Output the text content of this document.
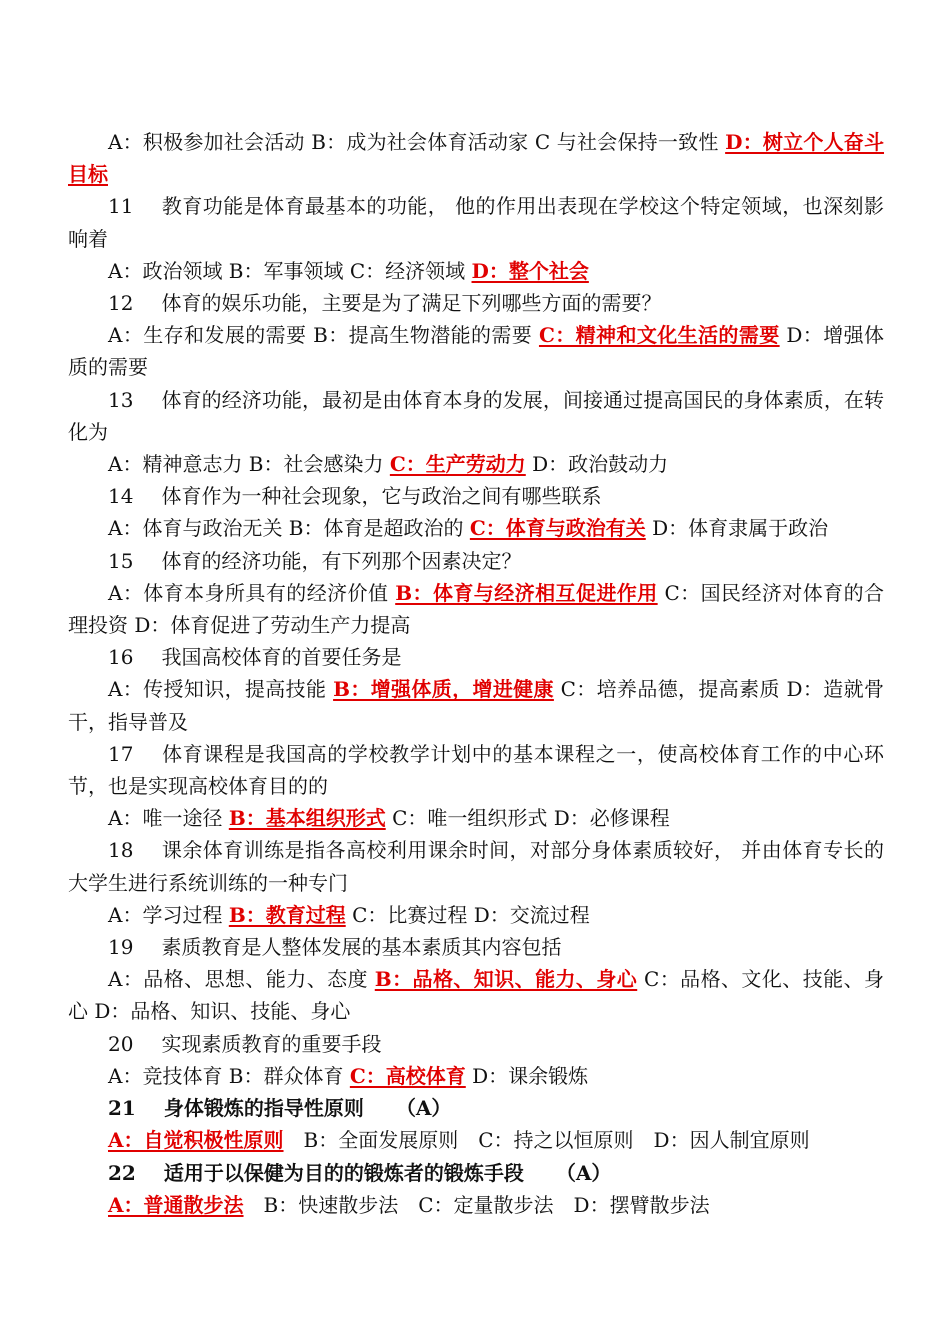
A：积极参加社会活动 B：成为社会体育活动家 C 与社会保持一致性 D：树立个人奋斗目标

11 教育功能是体育最基本的功能， 他的作用出表现在学校这个特定领域，也深刻影响着

A：政治领域 B：军事领域 C：经济领域 D：整个社会

12 体育的娱乐功能，主要是为了满足下列哪些方面的需要？

A：生存和发展的需要 B：提高生物潜能的需要 C：精神和文化生活的需要 D：增强体质的需要

13 体育的经济功能，最初是由体育本身的发展，间接通过提高国民的身体素质，在转化为

A：精神意志力 B：社会感染力 C：生产劳动力 D：政治鼓动力

14 体育作为一种社会现象，它与政治之间有哪些联系

A：体育与政治无关 B：体育是超政治的 C：体育与政治有关 D：体育隶属于政治

15 体育的经济功能，有下列那个因素决定？

A：体育本身所具有的经济价值 B：体育与经济相互促进作用 C：国民经济对体育的合理投资 D：体育促进了劳动生产力提高

16 我国高校体育的首要任务是

A：传授知识，提高技能 B：增强体质，增进健康 C：培养品德，提高素质 D：造就骨干，指导普及

17 体育课程是我国高的学校教学计划中的基本课程之一，使高校体育工作的中心环节，也是实现高校体育目的的

A：唯一途径 B：基本组织形式 C：唯一组织形式 D：必修课程

18 课余体育训练是指各高校利用课余时间，对部分身体素质较好， 并由体育专长的大学生进行系统训练的一种专门

A：学习过程 B：教育过程 C：比赛过程 D：交流过程

19 素质教育是人整体发展的基本素质其内容包括

A：品格、思想、能力、态度 B：品格、知识、能力、身心 C：品格、文化、技能、身心 D：品格、知识、技能、身心

20 实现素质教育的重要手段

A：竞技体育 B：群众体育 C：高校体育 D：课余锻炼

21 身体锻炼的指导性原则 （A）

A：自觉积极性原则　 B：全面发展原则　C：持之以恒原则　D：因人制宜原则

22 适用于以保健为目的的锻炼者的锻炼手段 （A）

A：普通散步法　 B：快速散步法　C：定量散步法　D：摆臂散步法
